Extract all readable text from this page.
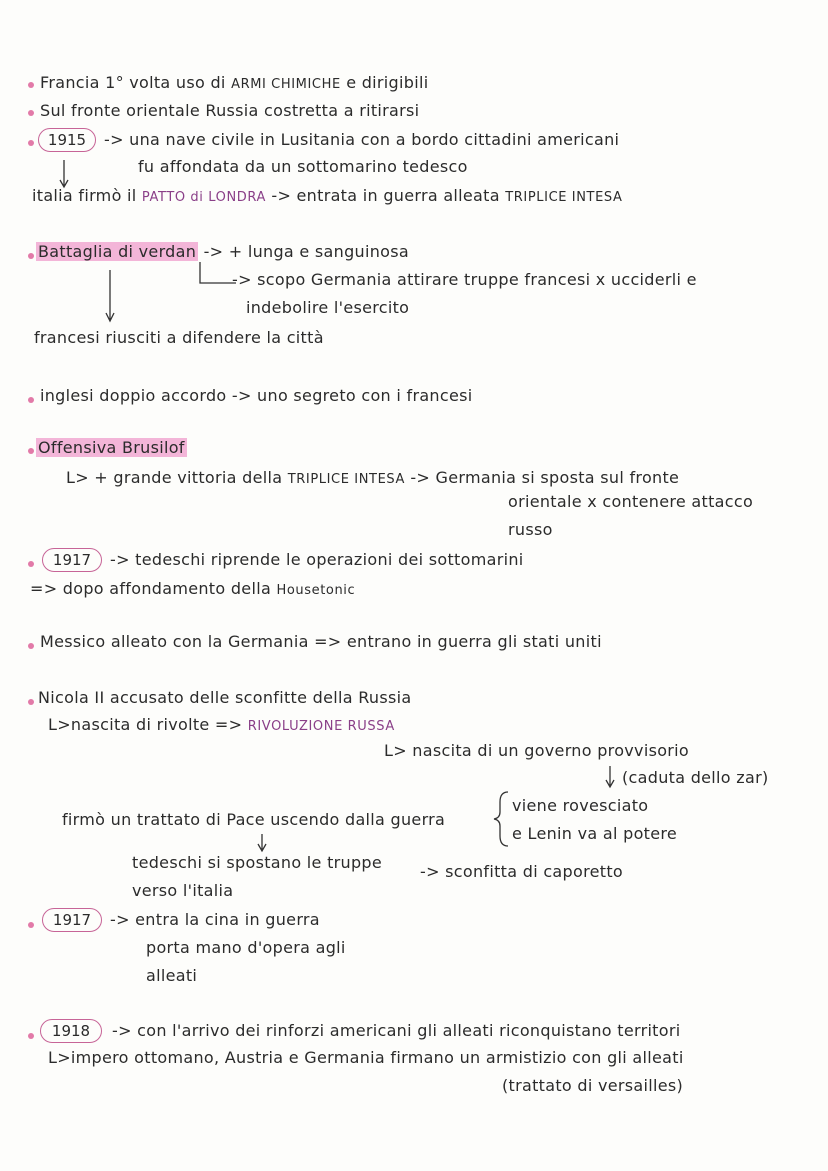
Francia 1° volta uso di ARMI CHIMICHE e dirigibili
Sul fronte orientale Russia costretta a ritirarsi
1915	-> una nave civile in Lusitania con a bordo cittadini americani
fu affondata da un sottomarino tedesco
italia firmò il PATTO di LONDRA -> entrata in guerra alleata TRIPLICE INTESA
Battaglia di verdan -> + lunga e sanguinosa
-> scopo Germania attirare truppe francesi x ucciderli e
indebolire l'esercito
francesi riusciti a difendere la città
inglesi doppio accordo -> uno segreto con i francesi
Offensiva Brusilof
L> + grande vittoria della TRIPLICE INTESA -> Germania si sposta sul fronte
orientale x contenere attacco
russo
1917	-> tedeschi riprende le operazioni dei sottomarini
=> dopo affondamento della Housetonic
Messico alleato con la Germania => entrano in guerra gli stati uniti
Nicola II accusato delle sconfitte della Russia
L>nascita di rivolte => RIVOLUZIONE RUSSA
L> nascita di un governo provvisorio
(caduta dello zar)
firmò un trattato di Pace uscendo dalla guerra
viene rovesciato
e Lenin va al potere
tedeschi si spostano le truppe
verso l'italia
-> sconfitta di caporetto
1917	-> entra la cina in guerra
porta mano d'opera agli
alleati
1918	-> con l'arrivo dei rinforzi americani gli alleati riconquistano territori
L>impero ottomano, Austria e Germania firmano un armistizio con gli alleati
(trattato di versailles)
